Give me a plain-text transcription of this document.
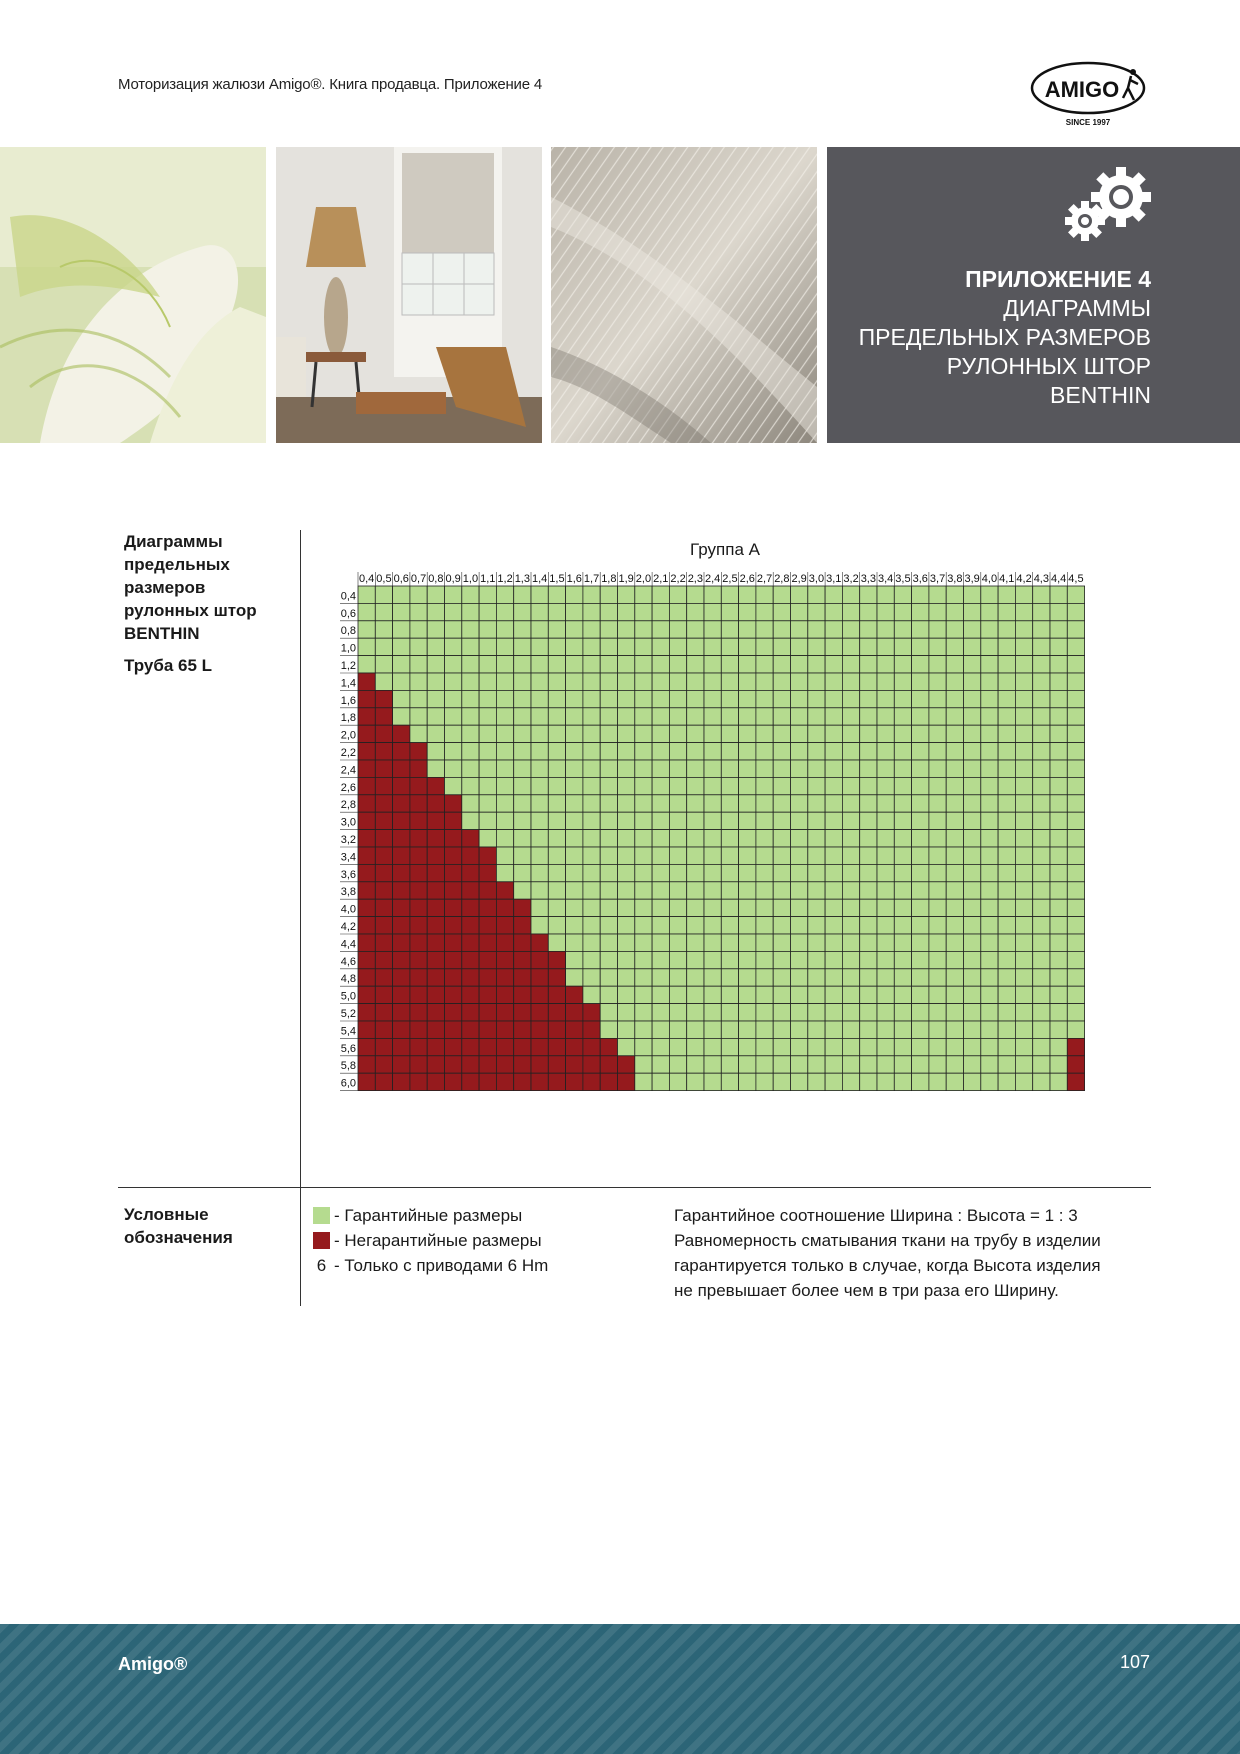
Моторизация жалюзи Amigo®. Книга продавца. Приложение 4	AMIGO
SINCE 1997
ПРИЛОЖЕНИЕ 4
ДИАГРАММЫ
ПРЕДЕЛЬНЫХ РАЗМЕРОВ
РУЛОННЫХ ШТОР
BENTHIN
Диаграммы
предельных
размеров
рулонных штор
BENTHIN
Труба 65 L
Группа А
0,4 0,5 0,6 0,7 0,8 0,9 1,0 1,1 1,2 1,3 1,4 1,5 1,6 1,7 1,8 1,9 2,0 2,1 2,2 2,3 2,4 2,5 2,6 2,7 2,8 2,9 3,0 3,1 3,2 3,3 3,4 3,5 3,6 3,7 3,8 3,9 4,0 4,1 4,2 4,3 4,4 4,5
0,4
0,6
0,8
1,0
1,2
1,4
1,6
1,8
2,0
2,2
2,4
2,6
2,8
3,0
3,2
3,4
3,6
3,8
4,0
4,2
4,4
4,6
4,8
5,0
5,2
5,4
5,6
5,8
6,0
Условные
обозначения
- Гарантийные размеры
- Негарантийные размеры
6 - Только с приводами 6 Нm

Гарантийное соотношение Ширина : Высота = 1 : 3

Равномерность сматывания ткани на трубу в изделии

гарантируется только в случае, когда Высота изделия

не превышает более чем в три раза его Ширину.

Amigo®	107
